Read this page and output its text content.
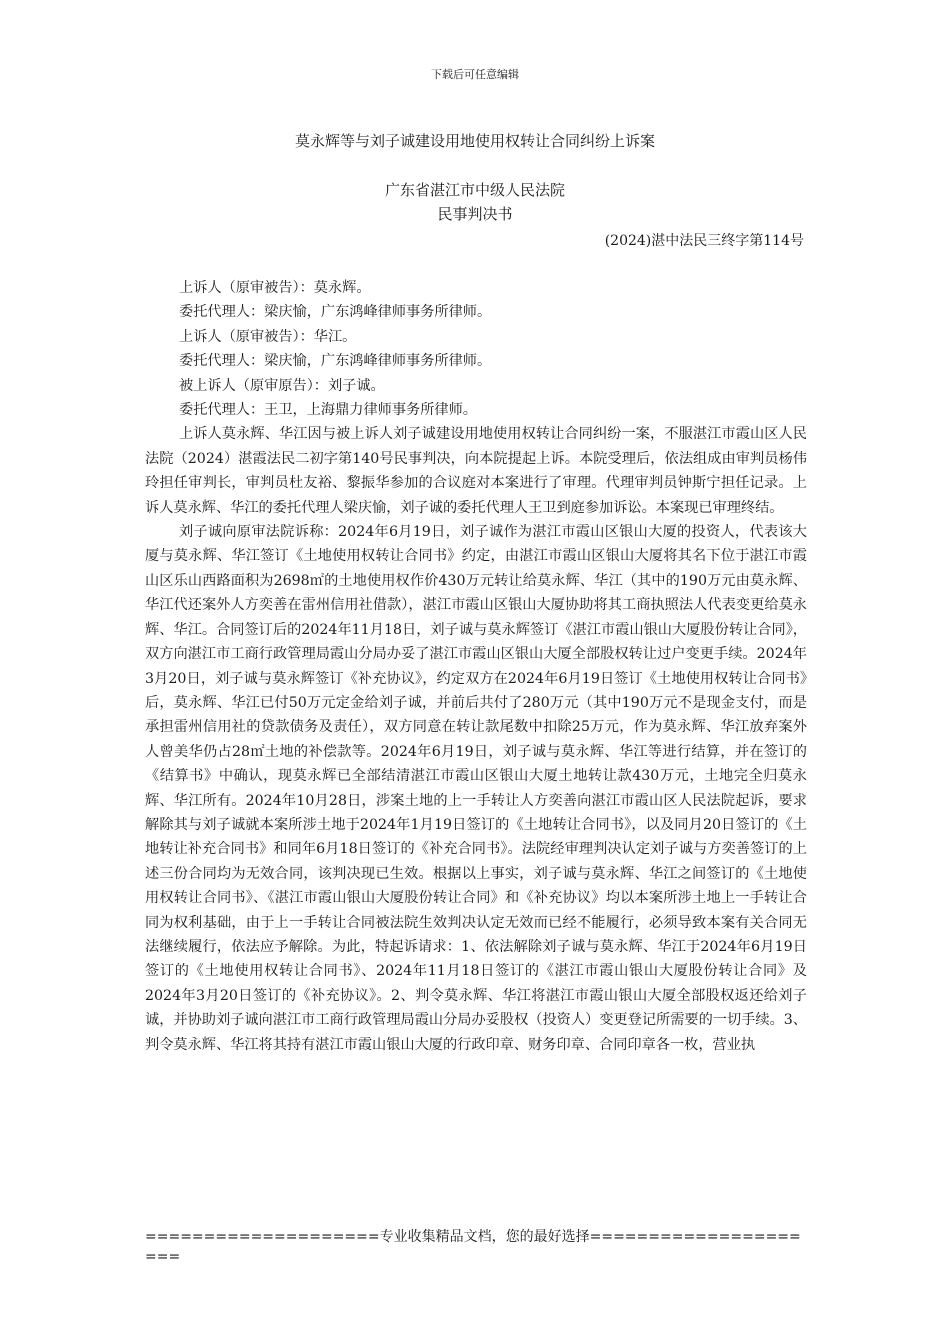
下载后可任意编辑
莫永辉等与刘子诚建设用地使用权转让合同纠纷上诉案
广东省湛江市中级人民法院
民事判决书
(2024)湛中法民三终字第114号

上诉人（原审被告）：莫永辉。

委托代理人：梁庆愉，广东鸿峰律师事务所律师。

上诉人（原审被告）：华江。

委托代理人：梁庆愉，广东鸿峰律师事务所律师。

被上诉人（原审原告）：刘子诚。

委托代理人：王卫，上海鼎力律师事务所律师。

上诉人莫永辉、华江因与被上诉人刘子诚建设用地使用权转让合同纠纷一案，不服湛江市霞山区人民法院（2024）湛霞法民二初字第140号民事判决，向本院提起上诉。本院受理后，依法组成由审判员杨伟玲担任审判长，审判员杜友裕、黎振华参加的合议庭对本案进行了审理。代理审判员钟斯宁担任记录。上诉人莫永辉、华江的委托代理人梁庆愉，刘子诚的委托代理人王卫到庭参加诉讼。本案现已审理终结。

刘子诚向原审法院诉称：2024年6月19日，刘子诚作为湛江市霞山区银山大厦的投资人，代表该大厦与莫永辉、华江签订《土地使用权转让合同书》约定，由湛江市霞山区银山大厦将其名下位于湛江市霞山区乐山西路面积为2698㎡的土地使用权作价430万元转让给莫永辉、华江（其中的190万元由莫永辉、华江代还案外人方奕善在雷州信用社借款），湛江市霞山区银山大厦协助将其工商执照法人代表变更给莫永辉、华江。合同签订后的2024年11月18日，刘子诚与莫永辉签订《湛江市霞山银山大厦股份转让合同》，双方向湛江市工商行政管理局霞山分局办妥了湛江市霞山区银山大厦全部股权转让过户变更手续。2024年3月20日，刘子诚与莫永辉签订《补充协议》，约定双方在2024年6月19日签订《土地使用权转让合同书》后，莫永辉、华江已付50万元定金给刘子诚，并前后共付了280万元（其中190万元不是现金支付，而是承担雷州信用社的贷款债务及责任），双方同意在转让款尾数中扣除25万元，作为莫永辉、华江放弃案外人曾美华仍占28㎡土地的补偿款等。2024年6月19日，刘子诚与莫永辉、华江等进行结算，并在签订的《结算书》中确认，现莫永辉已全部结清湛江市霞山区银山大厦土地转让款430万元，土地完全归莫永辉、华江所有。2024年10月28日，涉案土地的上一手转让人方奕善向湛江市霞山区人民法院起诉，要求解除其与刘子诚就本案所涉土地于2024年1月19日签订的《土地转让合同书》，以及同月20日签订的《土地转让补充合同书》和同年6月18日签订的《补充合同书》。法院经审理判决认定刘子诚与方奕善签订的上述三份合同均为无效合同，该判决现已生效。根据以上事实，刘子诚与莫永辉、华江之间签订的《土地使用权转让合同书》、《湛江市霞山银山大厦股份转让合同》和《补充协议》均以本案所涉土地上一手转让合同为权利基础，由于上一手转让合同被法院生效判决认定无效而已经不能履行，必须导致本案有关合同无法继续履行，依法应予解除。为此，特起诉请求：1、依法解除刘子诚与莫永辉、华江于2024年6月19日签订的《土地使用权转让合同书》、2024年11月18日签订的《湛江市霞山银山大厦股份转让合同》及2024年3月20日签订的《补充协议》。2、判令莫永辉、华江将湛江市霞山银山大厦全部股权返还给刘子诚，并协助刘子诚向湛江市工商行政管理局霞山分局办妥股权（投资人）变更登记所需要的一切手续。3、判令莫永辉、华江将其持有湛江市霞山银山大厦的行政印章、财务印章、合同印章各一枚，营业执

====================专业收集精品文档，您的最好选择=====================
